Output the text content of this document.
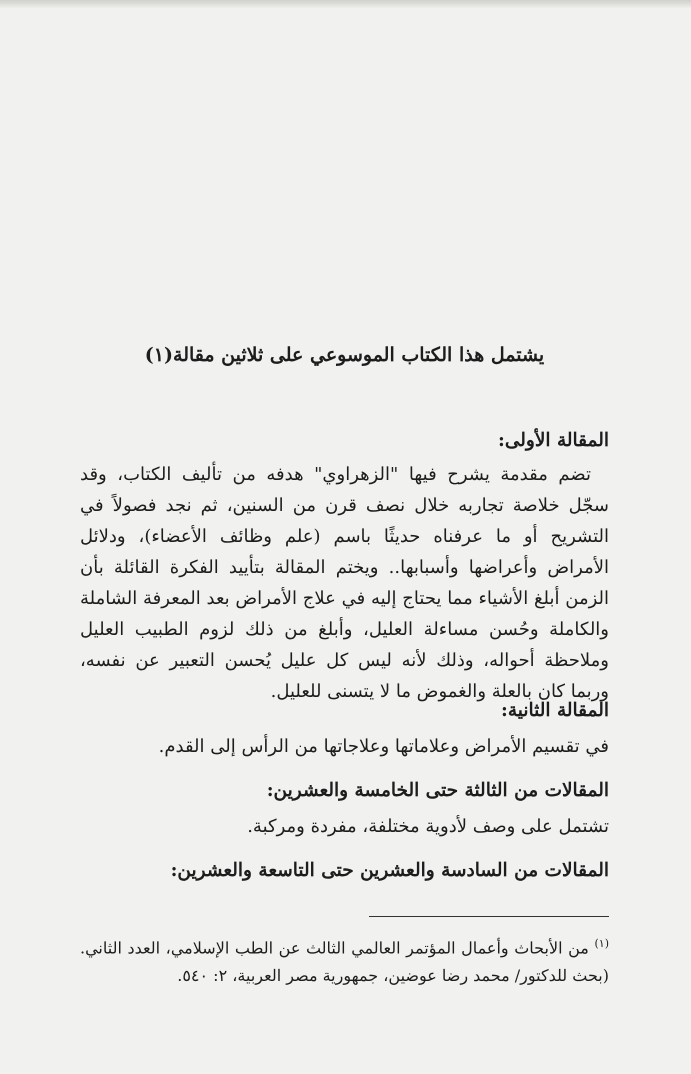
يشتمل هذا الكتاب الموسوعي على ثلاثين مقالة(١)
المقالة الأولى:

تضم مقدمة يشرح فيها "الزهراوي" هدفه من تأليف الكتاب، وقد سجّل خلاصة تجاربه خلال نصف قرن من السنين، ثم نجد فصولاً في التشريح أو ما عرفناه حديثًا باسم (علم وظائف الأعضاء)، ودلائل الأمراض وأعراضها وأسبابها.. ويختم المقالة بتأييد الفكرة القائلة بأن الزمن أبلغ الأشياء مما يحتاج إليه في علاج الأمراض بعد المعرفة الشاملة والكاملة وحُسن مساءلة العليل، وأبلغ من ذلك لزوم الطبيب العليل وملاحظة أحواله، وذلك لأنه ليس كل عليل يُحسن التعبير عن نفسه، وربما كان بالعلة والغموض ما لا يتسنى للعليل.

المقالة الثانية:

في تقسيم الأمراض وعلاماتها وعلاجاتها من الرأس إلى القدم.

المقالات من الثالثة حتى الخامسة والعشرين:

تشتمل على وصف لأدوية مختلفة، مفردة ومركبة.

المقالات من السادسة والعشرين حتى التاسعة والعشرين:
$^{(١)}$ من الأبحاث وأعمال المؤتمر العالمي الثالث عن الطب الإسلامي، العدد الثاني. (بحث للدكتور/ محمد رضا عوضين، جمهورية مصر العربية، ٢: ٥٤٠.
